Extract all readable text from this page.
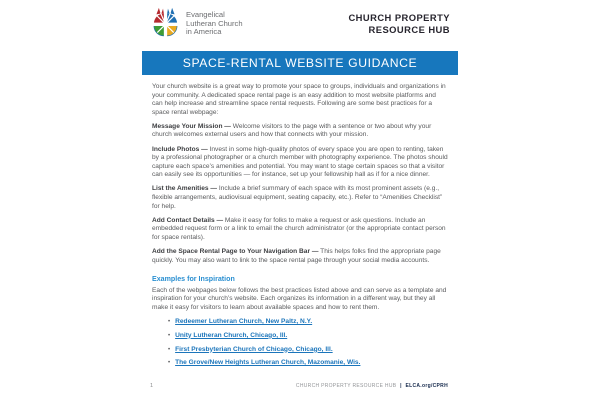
Evangelical
Lutheran Church
in America
CHURCH PROPERTY
RESOURCE HUB
SPACE-RENTAL WEBSITE GUIDANCE

Your church website is a great way to promote your space to groups, individuals and organizations in your community. A dedicated space rental page is an easy addition to most website platforms and can help increase and streamline space rental requests. Following are some best practices for a space rental webpage:

Message Your Mission — Welcome visitors to the page with a sentence or two about why your church welcomes external users and how that connects with your mission.

Include Photos — Invest in some high-quality photos of every space you are open to renting, taken by a professional photographer or a church member with photography experience. The photos should capture each space’s amenities and potential. You may want to stage certain spaces so that a visitor can easily see its opportunities — for instance, set up your fellowship hall as if for a nice dinner.

List the Amenities — Include a brief summary of each space with its most prominent assets (e.g., flexible arrangements, audiovisual equipment, seating capacity, etc.). Refer to “Amenities Checklist” for help.

Add Contact Details — Make it easy for folks to make a request or ask questions. Include an embedded request form or a link to email the church administrator (or the appropriate contact person for space rentals).

Add the Space Rental Page to Your Navigation Bar — This helps folks find the appropriate page quickly. You may also want to link to the space rental page through your social media accounts.

Examples for Inspiration

Each of the webpages below follows the best practices listed above and can serve as a template and inspiration for your church’s website. Each organizes its information in a different way, but they all make it easy for visitors to learn about available spaces and how to rent them.

• Redeemer Lutheran Church, New Paltz, N.Y.
• Unity Lutheran Church, Chicago, Ill.
• First Presbyterian Church of Chicago, Chicago, Ill.
• The Grove/New Heights Lutheran Church, Mazomanie, Wis.
1	CHURCH PROPERTY RESOURCE HUB | ELCA.org/CPRH
